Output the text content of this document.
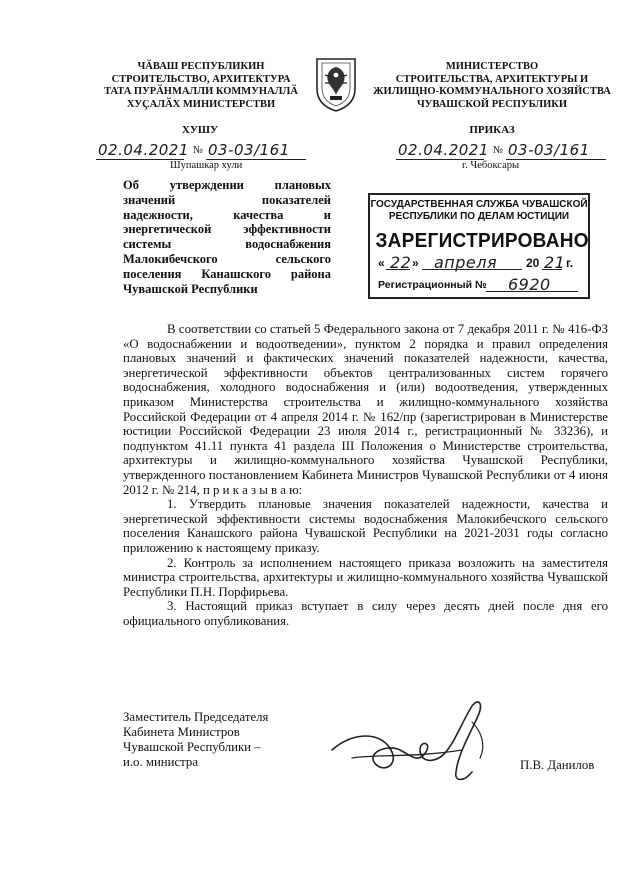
ЧӐВАШ РЕСПУБЛИКИН
СТРОИТЕЛЬСТВО, АРХИТЕКТУРА
ТАТА ПУРӐНМАЛЛИ КОММУНАЛЛӐ
ХУҪАЛӐХ МИНИСТЕРСТВИ
ХУШУ
МИНИСТЕРСТВО
СТРОИТЕЛЬСТВА, АРХИТЕКТУРЫ И
ЖИЛИЩНО-КОММУНАЛЬНОГО ХОЗЯЙСТВА
ЧУВАШСКОЙ РЕСПУБЛИКИ
ПРИКАЗ
02.04.2021 № 03-03/161
Шупашкар хули
02.04.2021 № 03-03/161
г. Чебоксары
Об утверждении плановых
значений показателей
надежности, качества и
энергетической эффективности
системы водоснабжения
Малокибечского сельского
поселения Канашского района
Чувашской Республики
ГОСУДАРСТВЕННАЯ СЛУЖБА ЧУВАШСКОЙ
РЕСПУБЛИКИ ПО ДЕЛАМ ЮСТИЦИИ
ЗАРЕГИСТРИРОВАНО
« 22 » апреля 20 21 г.
Регистрационный № 6920

В соответствии со статьей 5 Федерального закона от 7 декабря 2011 г. № 416-ФЗ «О водоснабжении и водоотведении», пунктом 2 порядка и правил определения плановых значений и фактических значений показателей надежности, качества, энергетической эффективности объектов централизованных систем горячего водоснабжения, холодного водоснабжения и (или) водоотведения, утвержденных приказом Министерства строительства и жилищно-коммунального хозяйства Российской Федерации от 4 апреля 2014 г. № 162/пр (зарегистрирован в Министерстве юстиции Российской Федерации 23 июля 2014 г., регистрационный № 33236), и подпунктом 41.11 пункта 41 раздела III Положения о Министерстве строительства, архитектуры и жилищно-коммунального хозяйства Чувашской Республики, утвержденного постановлением Кабинета Министров Чувашской Республики от 4 июня 2012 г. № 214, п р и к а з ы в а ю:

1. Утвердить плановые значения показателей надежности, качества и энергетической эффективности системы водоснабжения Малокибечского сельского поселения Канашского района Чувашской Республики на 2021-2031 годы согласно приложению к настоящему приказу.

2. Контроль за исполнением настоящего приказа возложить на заместителя министра строительства, архитектуры и жилищно-коммунального хозяйства Чувашской Республики П.Н. Порфирьева.

3. Настоящий приказ вступает в силу через десять дней после дня его официального опубликования.

Заместитель Председателя
Кабинета Министров
Чувашской Республики –
и.о. министра	П.В. Данилов
